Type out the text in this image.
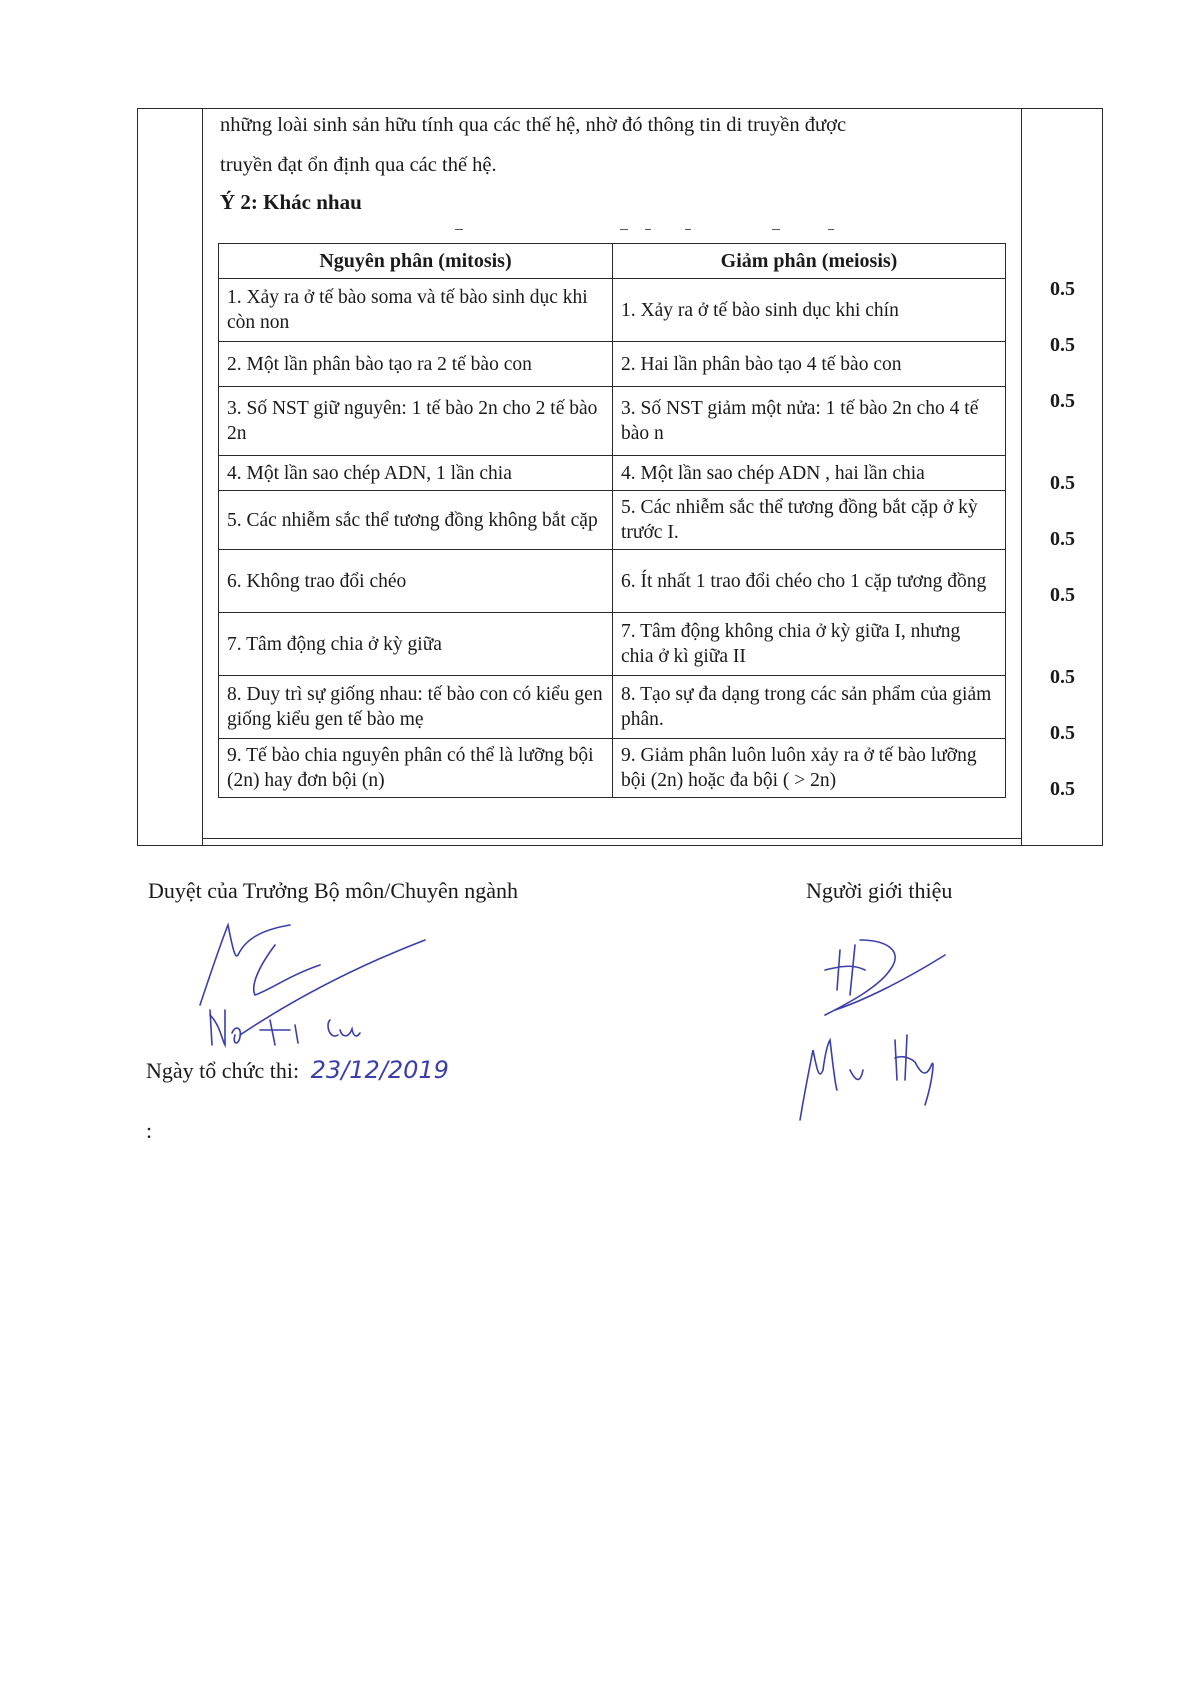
những loài sinh sản hữu tính qua các thế hệ, nhờ đó thông tin di truyền được
truyền đạt ổn định qua các thế hệ.
Ý 2: Khác nhau
Nguyên phân (mitosis)	Giảm phân (meiosis)
1. Xảy ra ở tế bào soma và tế bào sinh dục khi còn non	1. Xảy ra ở tế bào sinh dục khi chín
2. Một lần phân bào tạo ra 2 tế bào con	2. Hai lần phân bào tạo 4 tế bào con
3. Số NST giữ nguyên: 1 tế bào 2n cho 2 tế bào 2n	3. Số NST giảm một nửa: 1 tế bào 2n cho 4 tế bào n
4. Một lần sao chép ADN, 1 lần chia	4. Một lần sao chép ADN , hai lần chia
5. Các nhiễm sắc thể tương đồng không bắt cặp	5. Các nhiễm sắc thể tương đồng bắt cặp ở kỳ trước I.
6. Không trao đổi chéo	6. Ít nhất 1 trao đổi chéo cho 1 cặp tương đồng
7. Tâm động chia ở kỳ giữa	7. Tâm động không chia ở kỳ giữa I, nhưng chia ở kì giữa II
8. Duy trì sự giống nhau: tế bào con có kiểu gen giống kiểu gen tế bào mẹ	8. Tạo sự đa dạng trong các sản phẩm của giảm phân.
9. Tế bào chia nguyên phân có thể là lưỡng bội (2n) hay đơn bội (n)	9. Giảm phân luôn luôn xảy ra ở tế bào lưỡng bội (2n) hoặc đa bội ( > 2n)
0.5
0.5
0.5
0.5
0.5
0.5
0.5
0.5
0.5
Duyệt của Trưởng Bộ môn/Chuyên ngành	Người giới thiệu
Ngày tổ chức thi: 23/12/2019
:
